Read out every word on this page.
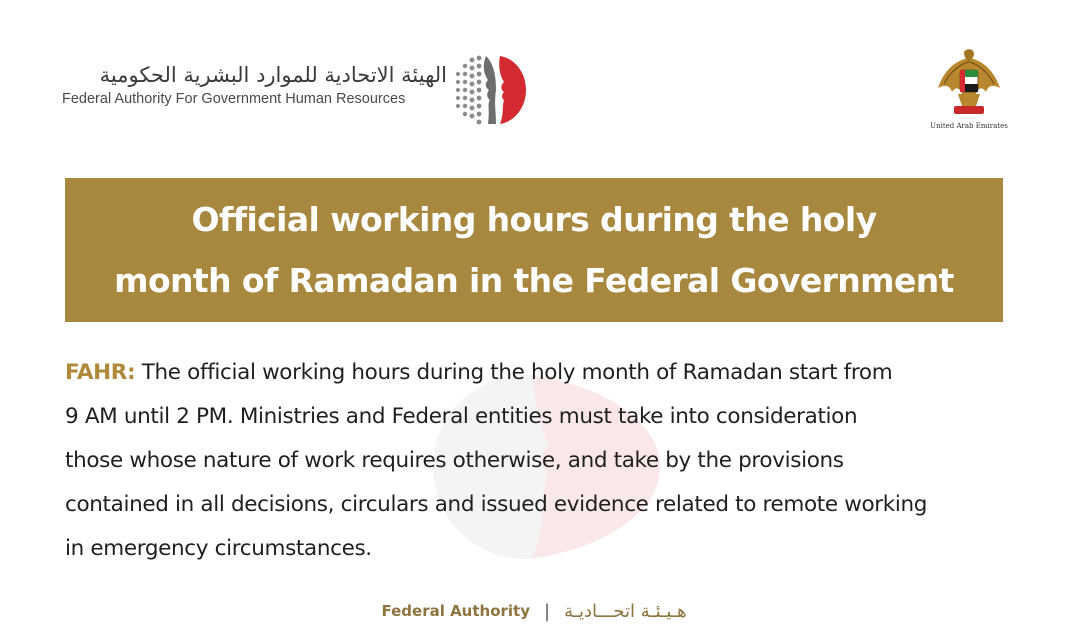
الهيئة الاتحادية للموارد البشرية الحكومية
Federal Authority For Government Human Resources
United Arab Emirates
Official working hours during the holy
month of Ramadan in the Federal Government

FAHR: The official working hours during the holy month of Ramadan start from
9 AM until 2 PM. Ministries and Federal entities must take into consideration
those whose nature of work requires otherwise, and take by the provisions
contained in all decisions, circulars and issued evidence related to remote working
in emergency circumstances.

Federal Authority | هـيـئـة اتحـــاديـة
